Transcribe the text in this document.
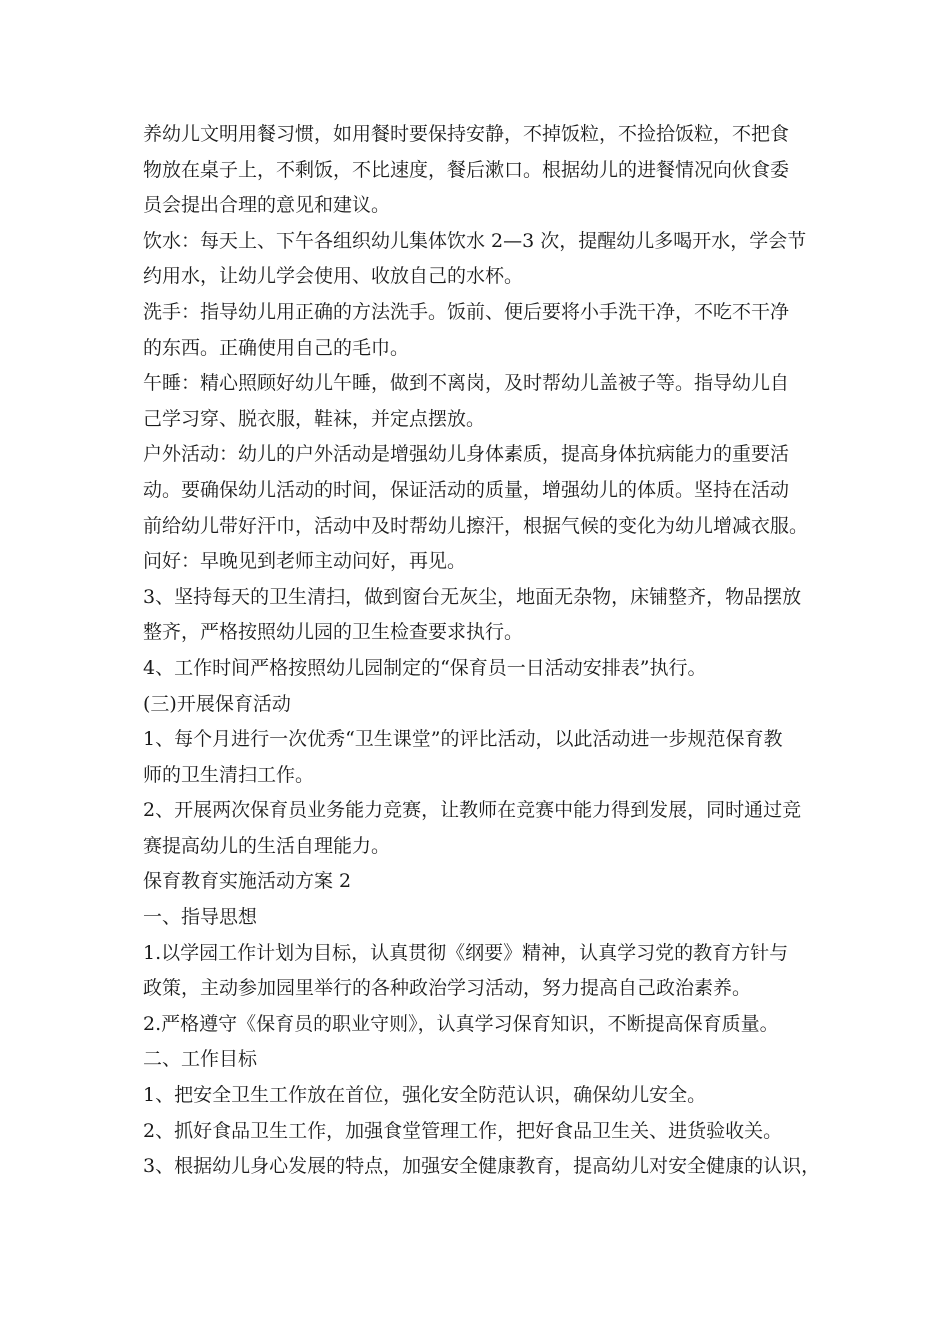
养幼儿文明用餐习惯，如用餐时要保持安静，不掉饭粒，不捡拾饭粒，不把食
物放在桌子上，不剩饭，不比速度，餐后漱口。根据幼儿的进餐情况向伙食委
员会提出合理的意见和建议。
饮水：每天上、下午各组织幼儿集体饮水 2—3 次，提醒幼儿多喝开水，学会节
约用水，让幼儿学会使用、收放自己的水杯。
洗手：指导幼儿用正确的方法洗手。饭前、便后要将小手洗干净，不吃不干净
的东西。正确使用自己的毛巾。
午睡：精心照顾好幼儿午睡，做到不离岗，及时帮幼儿盖被子等。指导幼儿自
己学习穿、脱衣服，鞋袜，并定点摆放。
户外活动：幼儿的户外活动是增强幼儿身体素质，提高身体抗病能力的重要活
动。要确保幼儿活动的时间，保证活动的质量，增强幼儿的体质。坚持在活动
前给幼儿带好汗巾，活动中及时帮幼儿擦汗，根据气候的变化为幼儿增减衣服。
问好：早晚见到老师主动问好，再见。
3、坚持每天的卫生清扫，做到窗台无灰尘，地面无杂物，床铺整齐，物品摆放
整齐，严格按照幼儿园的卫生检查要求执行。
4、工作时间严格按照幼儿园制定的“保育员一日活动安排表”执行。
(三)开展保育活动
1、每个月进行一次优秀“卫生课堂”的评比活动，以此活动进一步规范保育教
师的卫生清扫工作。
2、开展两次保育员业务能力竞赛，让教师在竞赛中能力得到发展，同时通过竞
赛提高幼儿的生活自理能力。
保育教育实施活动方案 2
一、指导思想
1.以学园工作计划为目标，认真贯彻《纲要》精神，认真学习党的教育方针与
政策，主动参加园里举行的各种政治学习活动，努力提高自己政治素养。
2.严格遵守《保育员的职业守则》，认真学习保育知识，不断提高保育质量。
二、工作目标
1、把安全卫生工作放在首位，强化安全防范认识，确保幼儿安全。
2、抓好食品卫生工作，加强食堂管理工作，把好食品卫生关、进货验收关。
3、根据幼儿身心发展的特点，加强安全健康教育，提高幼儿对安全健康的认识，
